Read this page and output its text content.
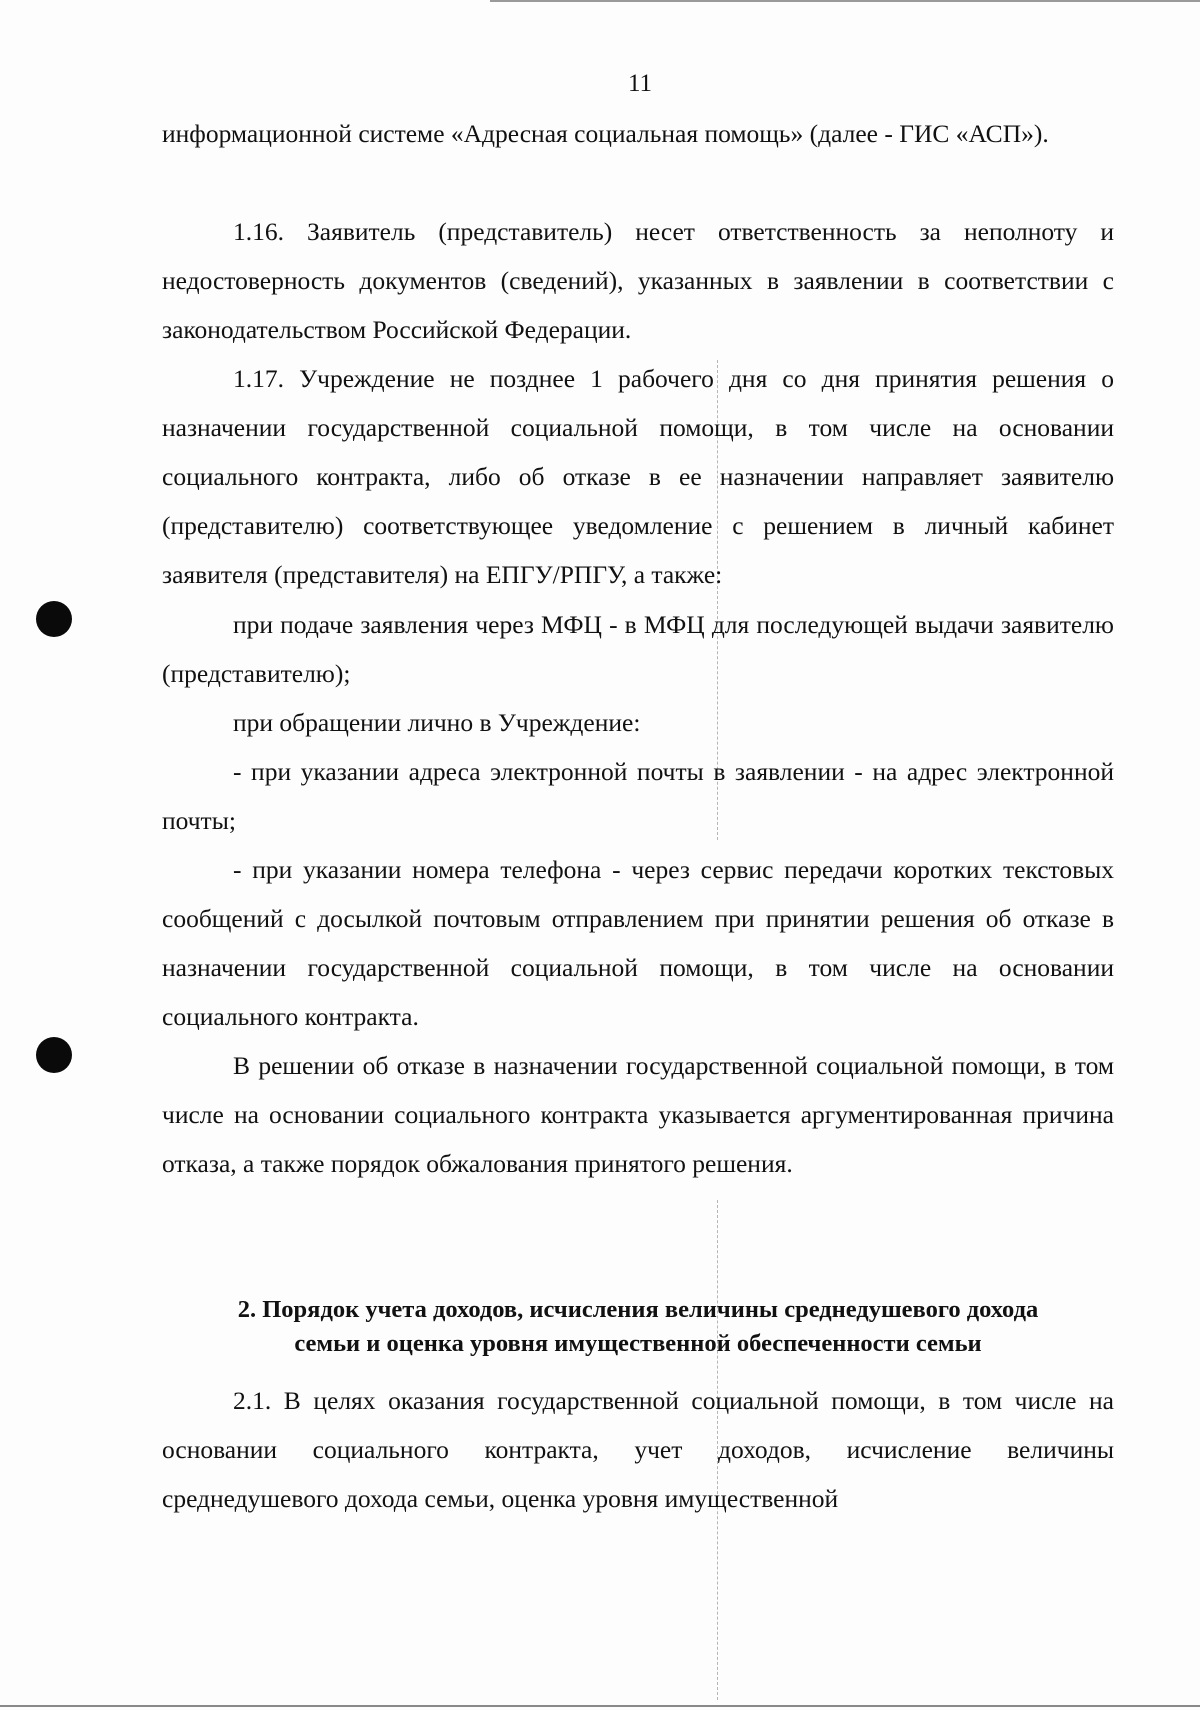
11

информационной системе «Адресная социальная помощь» (далее - ГИС «АСП»).

1.16. Заявитель (представитель) несет ответственность за неполноту и недостоверность документов (сведений), указанных в заявлении в соответствии с законодательством Российской Федерации.

1.17. Учреждение не позднее 1 рабочего дня со дня принятия решения о назначении государственной социальной помощи, в том числе на основании социального контракта, либо об отказе в ее назначении направляет заявителю (представителю) соответствующее уведомление с решением в личный кабинет заявителя (представителя) на ЕПГУ/РПГУ, а также:

при подаче заявления через МФЦ - в МФЦ для последующей выдачи заявителю (представителю);

при обращении лично в Учреждение:

- при указании адреса электронной почты в заявлении - на адрес электронной почты;

- при указании номера телефона - через сервис передачи коротких текстовых сообщений с досылкой почтовым отправлением при принятии решения об отказе в назначении государственной социальной помощи, в том числе на основании социального контракта.

В решении об отказе в назначении государственной социальной помощи, в том числе на основании социального контракта указывается аргументированная причина отказа, а также порядок обжалования принятого решения.

2. Порядок учета доходов, исчисления величины среднедушевого дохода
семьи и оценка уровня имущественной обеспеченности семьи

2.1. В целях оказания государственной социальной помощи, в том числе на основании социального контракта, учет доходов, исчисление величины среднедушевого дохода семьи, оценка уровня имущественной
